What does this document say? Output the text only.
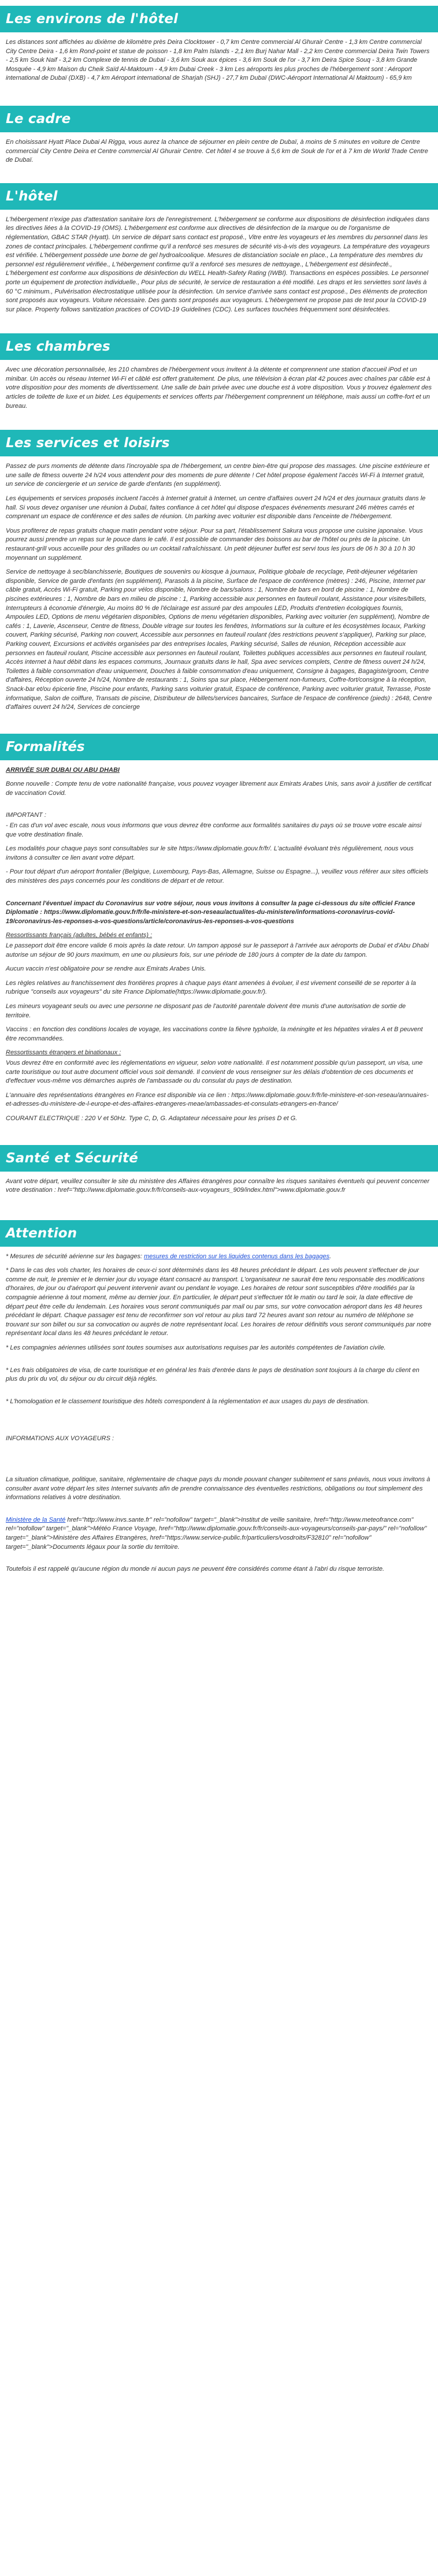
Les environs de l'hôtel

Les distances sont affichées au dixième de kilomètre près Deira Clocktower - 0,7 km Centre commercial Al Ghurair Centre - 1,3 km Centre commercial City Centre Deira - 1,6 km Rond-point et statue de poisson - 1,8 km Palm Islands - 2,1 km Burj Nahar Mall - 2,2 km Centre commercial Deira Twin Towers - 2,5 km Souk Naif - 3,2 km Complexe de tennis de Dubaï - 3,6 km Souk aux épices - 3,6 km Souk de l'or - 3,7 km Deira Spice Souq - 3,8 km Grande Mosquée - 4,9 km Maison du Cheik Saïd Al-Maktoum - 4,9 km Dubai Creek - 3 km Les aéroports les plus proches de l'hébergement sont : Aéroport international de Dubaï (DXB) - 4,7 km Aéroport international de Sharjah (SHJ) - 27,7 km Dubaï (DWC-Aéroport International Al Maktoum) - 65,9 km

Le cadre

En choisissant Hyatt Place Dubai Al Rigga, vous aurez la chance de séjourner en plein centre de Dubaï, à moins de 5 minutes en voiture de Centre commercial City Centre Deira et Centre commercial Al Ghurair Centre. Cet hôtel 4 se trouve à 5,6 km de Souk de l'or et à 7 km de World Trade Centre de Dubaï.

L'hôtel

L'hébergement n'exige pas d'attestation sanitaire lors de l'enregistrement. L'hébergement se conforme aux dispositions de désinfection indiquées dans les directives liées à la COVID-19 (OMS). L'hébergement est conforme aux directives de désinfection de la marque ou de l'organisme de réglementation, GBAC STAR (Hyatt). Un service de départ sans contact est proposé., Vitre entre les voyageurs et les membres du personnel dans les zones de contact principales. L'hébergement confirme qu'il a renforcé ses mesures de sécurité vis-à-vis des voyageurs. La température des voyageurs est vérifiée. L'hébergement possède une borne de gel hydroalcoolique. Mesures de distanciation sociale en place., La température des membres du personnel est régulièrement vérifiée., L'hébergement confirme qu'il a renforcé ses mesures de nettoyage., L'hébergement est désinfecté., L'hébergement est conforme aux dispositions de désinfection du WELL Health-Safety Rating (IWBI). Transactions en espèces possibles. Le personnel porte un équipement de protection individuelle., Pour plus de sécurité, le service de restauration a été modifié. Les draps et les serviettes sont lavés à 60 °C minimum., Pulvérisation électrostatique utilisée pour la désinfection. Un service d'arrivée sans contact est proposé., Des éléments de protection sont proposés aux voyageurs. Voiture nécessaire. Des gants sont proposés aux voyageurs. L'hébergement ne propose pas de test pour la COVID-19 sur place. Property follows sanitization practices of COVID-19 Guidelines (CDC). Les surfaces touchées fréquemment sont désinfectées.

Les chambres

Avec une décoration personnalisée, les 210 chambres de l'hébergement vous invitent à la détente et comprennent une station d'accueil iPod et un minibar. Un accès ou réseau Internet Wi-Fi et câblé est offert gratuitement. De plus, une télévision à écran plat 42 pouces avec chaînes par câble est à votre disposition pour des moments de divertissement. Une salle de bain privée avec une douche est à votre disposition. Vous y trouvez également des articles de toilette de luxe et un bidet. Les équipements et services offerts par l'hébergement comprennent un téléphone, mais aussi un coffre-fort et un bureau.

Les services et loisirs

Passez de purs moments de détente dans l'incroyable spa de l'hébergement, un centre bien-être qui propose des massages. Une piscine extérieure et une salle de fitness ouverte 24 h/24 vous attendent pour des moments de pure détente ! Cet hôtel propose également l'accès Wi-Fi à Internet gratuit, un service de conciergerie et un service de garde d'enfants (en supplément).

Les équipements et services proposés incluent l'accès à Internet gratuit à Internet, un centre d'affaires ouvert 24 h/24 et des journaux gratuits dans le hall. Si vous devez organiser une réunion à Dubaï, faites confiance à cet hôtel qui dispose d'espaces événements mesurant 246 mètres carrés et comprenant un espace de conférence et des salles de réunion. Un parking avec voiturier est disponible dans l'enceinte de l'hébergement.

Vous profiterez de repas gratuits chaque matin pendant votre séjour. Pour sa part, l'établissement Sakura vous propose une cuisine japonaise. Vous pourrez aussi prendre un repas sur le pouce dans le café. Il est possible de commander des boissons au bar de l'hôtel ou près de la piscine. Un restaurant-grill vous accueille pour des grillades ou un cocktail rafraîchissant. Un petit déjeuner buffet est servi tous les jours de 06 h 30 à 10 h 30 moyennant un supplément.

Service de nettoyage à sec/blanchisserie, Boutiques de souvenirs ou kiosque à journaux, Politique globale de recyclage, Petit-déjeuner végétarien disponible, Service de garde d'enfants (en supplément), Parasols à la piscine, Surface de l'espace de conférence (mètres) : 246, Piscine, Internet par câble gratuit, Accès Wi-Fi gratuit, Parking pour vélos disponible, Nombre de bars/salons : 1, Nombre de bars en bord de piscine : 1, Nombre de piscines extérieures : 1, Nombre de bars en milieu de piscine : 1, Parking accessible aux personnes en fauteuil roulant, Assistance pour visites/billets, Interrupteurs à économie d'énergie, Au moins 80 % de l'éclairage est assuré par des ampoules LED, Produits d'entretien écologiques fournis, Ampoules LED, Options de menu végétarien disponibles, Options de menu végétarien disponibles, Parking avec voiturier (en supplément), Nombre de cafés : 1, Laverie, Ascenseur, Centre de fitness, Double vitrage sur toutes les fenêtres, Informations sur la culture et les écosystèmes locaux, Parking couvert, Parking sécurisé, Parking non couvert, Accessible aux personnes en fauteuil roulant (des restrictions peuvent s'appliquer), Parking sur place, Parking couvert, Excursions et activités organisées par des entreprises locales, Parking sécurisé, Salles de réunion, Réception accessible aux personnes en fauteuil roulant, Piscine accessible aux personnes en fauteuil roulant, Toilettes publiques accessibles aux personnes en fauteuil roulant, Accès internet à haut débit dans les espaces communs, Journaux gratuits dans le hall, Spa avec services complets, Centre de fitness ouvert 24 h/24, Toilettes à faible consommation d'eau uniquement, Douches à faible consommation d'eau uniquement, Consigne à bagages, Bagagiste/groom, Centre d'affaires, Réception ouverte 24 h/24, Nombre de restaurants : 1, Soins spa sur place, Hébergement non-fumeurs, Coffre-fort/consigne à la réception, Snack-bar et/ou épicerie fine, Piscine pour enfants, Parking sans voiturier gratuit, Espace de conférence, Parking avec voiturier gratuit, Terrasse, Poste informatique, Salon de coiffure, Transats de piscine, Distributeur de billets/services bancaires, Surface de l'espace de conférence (pieds) : 2648, Centre d'affaires ouvert 24 h/24, Services de concierge

Formalités

ARRIVÉE SUR DUBAI OU ABU DHABI

Bonne nouvelle : Compte tenu de votre nationalité française, vous pouvez voyager librement aux Emirats Arabes Unis, sans avoir à justifier de certificat de vaccination Covid.

IMPORTANT :

- En cas d'un vol avec escale, nous vous informons que vous devrez être conforme aux formalités sanitaires du pays où se trouve votre escale ainsi que votre destination finale.

Les modalités pour chaque pays sont consultables sur le site https://www.diplomatie.gouv.fr/fr/. L'actualité évoluant très régulièrement, nous vous invitons à consulter ce lien avant votre départ.

- Pour tout départ d'un aéroport frontalier (Belgique, Luxembourg, Pays-Bas, Allemagne, Suisse ou Espagne...), veuillez vous référer aux sites officiels des ministères des pays concernés pour les conditions de départ et de retour.

Concernant l'éventuel impact du Coronavirus sur votre séjour, nous vous invitons à consulter la page ci-dessous du site officiel France Diplomatie : https://www.diplomatie.gouv.fr/fr/le-ministere-et-son-reseau/actualites-du-ministere/informations-coronavirus-covid-19/coronavirus-les-reponses-a-vos-questions/article/coronavirus-les-reponses-a-vos-questions

Ressortissants français (adultes, bébés et enfants) :

Le passeport doit être encore valide 6 mois après la date retour. Un tampon apposé sur le passeport à l'arrivée aux aéroports de Dubaï et d'Abu Dhabi autorise un séjour de 90 jours maximum, en une ou plusieurs fois, sur une période de 180 jours à compter de la date du tampon.

Aucun vaccin n'est obligatoire pour se rendre aux Emirats Arabes Unis.

Les règles relatives au franchissement des frontières propres à chaque pays étant amenées à évoluer, il est vivement conseillé de se reporter à la rubrique "conseils aux voyageurs" du site France Diplomatie(https://www.diplomatie.gouv.fr/).

Les mineurs voyageant seuls ou avec une personne ne disposant pas de l'autorité parentale doivent être munis d'une autorisation de sortie de territoire.

Vaccins : en fonction des conditions locales de voyage, les vaccinations contre la fièvre typhoïde, la méningite et les hépatites virales A et B peuvent être recommandées.

Ressortissants étrangers et binationaux :

Vous devrez être en conformité avec les réglementations en vigueur, selon votre nationalité. Il est notamment possible qu'un passeport, un visa, une carte touristique ou tout autre document officiel vous soit demandé. Il convient de vous renseigner sur les délais d'obtention de ces documents et d'effectuer vous-même vos démarches auprès de l'ambassade ou du consulat du pays de destination.

L'annuaire des représentations étrangères en France est disponible via ce lien : https://www.diplomatie.gouv.fr/fr/le-ministere-et-son-reseau/annuaires-et-adresses-du-ministere-de-l-europe-et-des-affaires-etrangeres-meae/ambassades-et-consulats-etrangers-en-france/

COURANT ELECTRIQUE : 220 V et 50Hz. Type C, D, G. Adaptateur nécessaire pour les prises D et G.

Santé et Sécurité

Avant votre départ, veuillez consulter le site du ministère des Affaires étrangères pour connaître les risques sanitaires éventuels qui peuvent concerner votre destination : href="http://www.diplomatie.gouv.fr/fr/conseils-aux-voyageurs_909/index.html">www.diplomatie.gouv.fr

Attention

* Mesures de sécurité aérienne sur les bagages: mesures de restriction sur les liquides contenus dans les bagages.

* Dans le cas des vols charter, les horaires de ceux-ci sont déterminés dans les 48 heures précédant le départ. Les vols peuvent s'effectuer de jour comme de nuit, le premier et le dernier jour du voyage étant consacré au transport. L'organisateur ne saurait être tenu responsable des modifications d'horaires, de jour ou d'aéroport qui peuvent intervenir avant ou pendant le voyage. Les horaires de retour sont susceptibles d'être modifiés par la compagnie aérienne à tout moment, même au dernier jour. En particulier, le départ peut s'effectuer tôt le matin ou tard le soir, la date effective de départ peut être celle du lendemain. Les horaires vous seront communiqués par mail ou par sms, sur votre convocation aéroport dans les 48 heures précédant le départ. Chaque passager est tenu de reconfirmer son vol retour au plus tard 72 heures avant son retour au numéro de téléphone se trouvant sur son billet ou sur sa convocation ou auprès de notre représentant local. Les horaires de retour définitifs vous seront communiqués par notre représentant local dans les 48 heures précédant le retour.

* Les compagnies aériennes utilisées sont toutes soumises aux autorisations requises par les autorités compétentes de l'aviation civile.

* Les frais obligatoires de visa, de carte touristique et en général les frais d'entrée dans le pays de destination sont toujours à la charge du client en plus du prix du vol, du séjour ou du circuit déjà réglés.

* L'homologation et le classement touristique des hôtels correspondent à la réglementation et aux usages du pays de destination.

INFORMATIONS AUX VOYAGEURS :

La situation climatique, politique, sanitaire, réglementaire de chaque pays du monde pouvant changer subitement et sans préavis, nous vous invitons à consulter avant votre départ les sites Internet suivants afin de prendre connaissance des éventuelles restrictions, obligations ou tout simplement des informations relatives à votre destination.

Ministère de la Santé href="http://www.invs.sante.fr" rel="nofollow" target="_blank">Institut de veille sanitaire, href="http://www.meteofrance.com" rel="nofollow" target="_blank">Météo France Voyage, href="http://www.diplomatie.gouv.fr/fr/conseils-aux-voyageurs/conseils-par-pays/" rel="nofollow" target="_blank">Ministère des Affaires Etrangères, href="https://www.service-public.fr/particuliers/vosdroits/F32810" rel="nofollow" target="_blank">Documents légaux pour la sortie du territoire.

Toutefois il est rappelé qu'aucune région du monde ni aucun pays ne peuvent être considérés comme étant à l'abri du risque terroriste.
